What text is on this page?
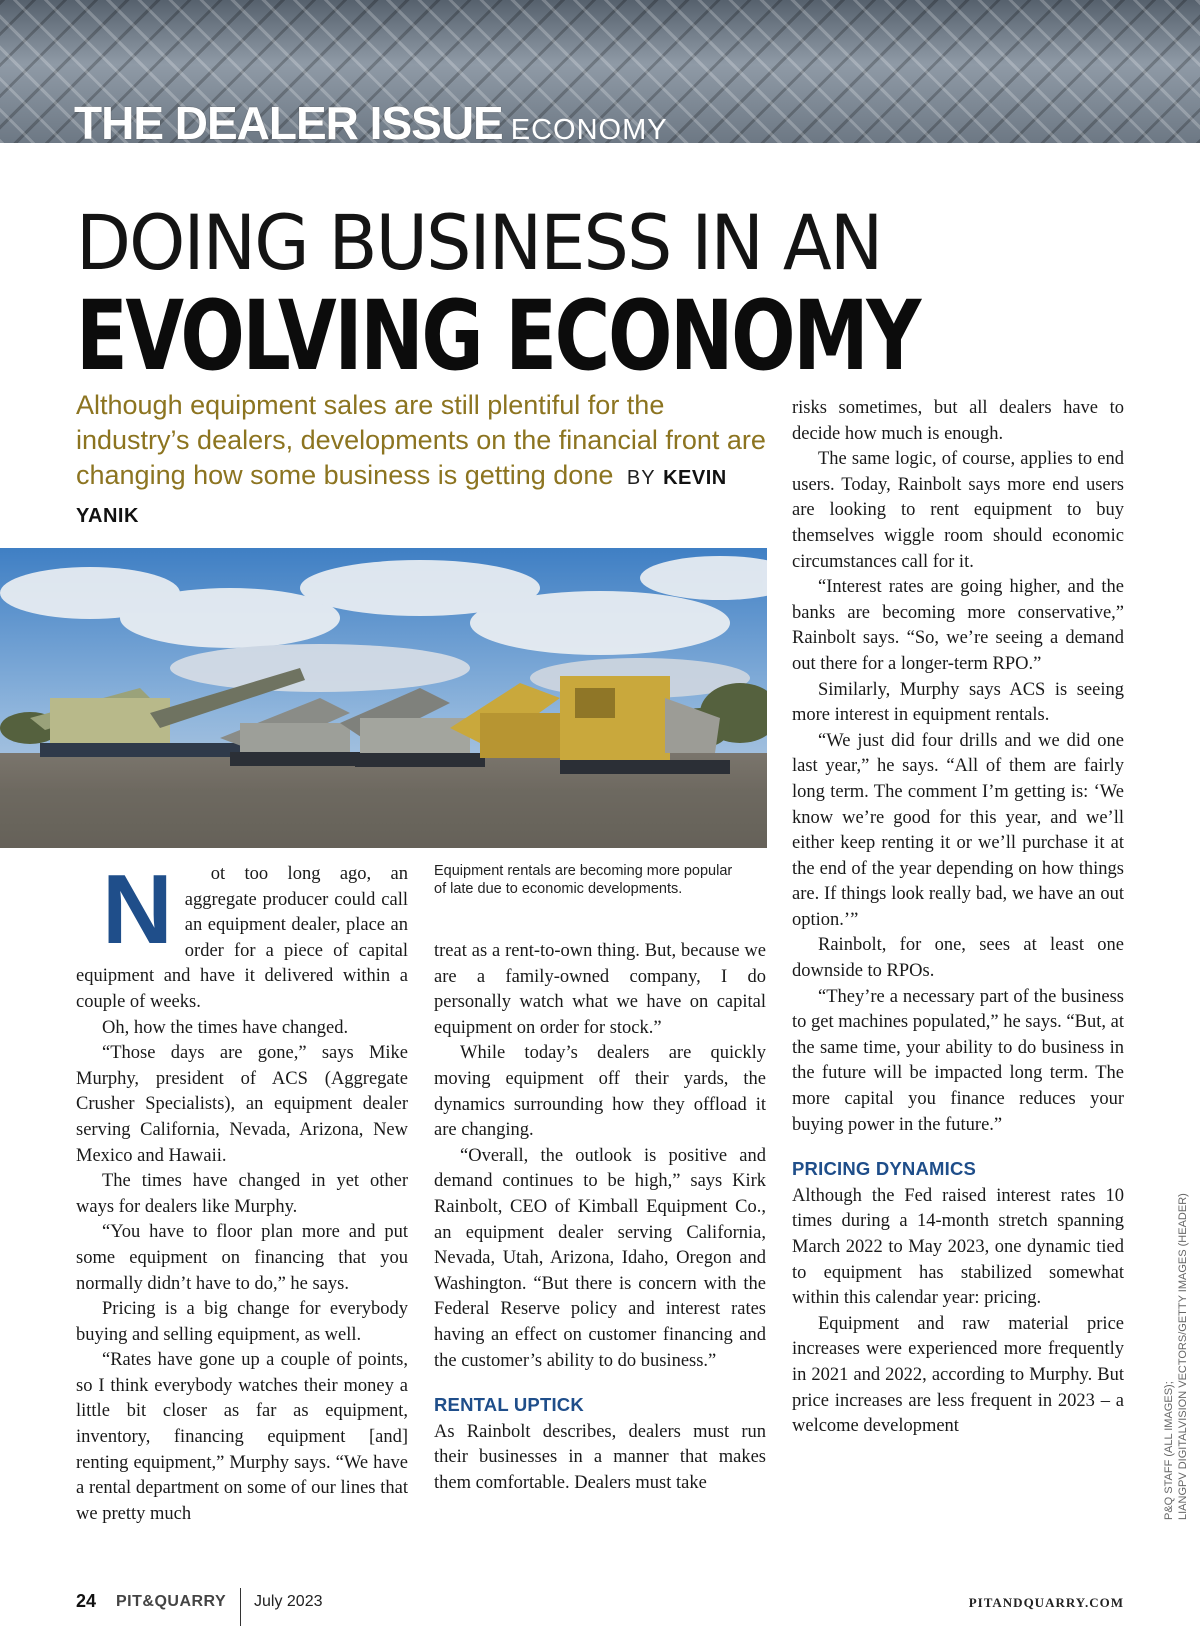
THE DEALER ISSUE ECONOMY
DOING BUSINESS IN AN
EVOLVING ECONOMY
Although equipment sales are still plentiful for the industry’s dealers, developments on the financial front are changing how some business is getting done BY KEVIN YANIK
Equipment rentals are becoming more popular of late due to economic developments.

N ot too long ago, an aggregate producer could call an equipment dealer, place an order for a piece of capital equipment and have it delivered within a couple of weeks.

Oh, how the times have changed.

“Those days are gone,” says Mike Murphy, president of ACS (Aggregate Crusher Specialists), an equipment dealer serving California, Nevada, Arizona, New Mexico and Hawaii.

The times have changed in yet other ways for dealers like Murphy.

“You have to floor plan more and put some equipment on financing that you normally didn’t have to do,” he says.

Pricing is a big change for everybody buying and selling equipment, as well.

“Rates have gone up a couple of points, so I think everybody watches their money a little bit closer as far as equipment, inventory, financing equipment [and] renting equipment,” Murphy says. “We have a rental department on some of our lines that we pretty much

treat as a rent-to-own thing. But, because we are a family-owned company, I do personally watch what we have on capital equipment on order for stock.”

While today’s dealers are quickly moving equipment off their yards, the dynamics surrounding how they offload it are changing.

“Overall, the outlook is positive and demand continues to be high,” says Kirk Rainbolt, CEO of Kimball Equipment Co., an equipment dealer serving California, Nevada, Utah, Arizona, Idaho, Oregon and Washington. “But there is concern with the Federal Reserve policy and interest rates having an effect on customer financing and the customer’s ability to do business.”

RENTAL UPTICK

As Rainbolt describes, dealers must run their businesses in a manner that makes them comfortable. Dealers must take

risks sometimes, but all dealers have to decide how much is enough.

The same logic, of course, applies to end users. Today, Rainbolt says more end users are looking to rent equipment to buy themselves wiggle room should economic circumstances call for it.

“Interest rates are going higher, and the banks are becoming more conservative,” Rainbolt says. “So, we’re seeing a demand out there for a longer-term RPO.”

Similarly, Murphy says ACS is seeing more interest in equipment rentals.

“We just did four drills and we did one last year,” he says. “All of them are fairly long term. The comment I’m getting is: ‘We know we’re good for this year, and we’ll either keep renting it or we’ll purchase it at the end of the year depending on how things are. If things look really bad, we have an out option.’”

Rainbolt, for one, sees at least one downside to RPOs.

“They’re a necessary part of the business to get machines populated,” he says. “But, at the same time, your ability to do business in the future will be impacted long term. The more capital you finance reduces your buying power in the future.”

PRICING DYNAMICS

Although the Fed raised interest rates 10 times during a 14-month stretch spanning March 2022 to May 2023, one dynamic tied to equipment has stabilized somewhat within this calendar year: pricing.

Equipment and raw material price increases were experienced more frequently in 2021 and 2022, according to Murphy. But price increases are less frequent in 2023 – a welcome development	P&Q STAFF (ALL IMAGES); LIANGPV DIGITALVISION VECTORS/GETTY IMAGES (HEADER)
24 PIT&QUARRY July 2023	PITANDQUARRY.COM
